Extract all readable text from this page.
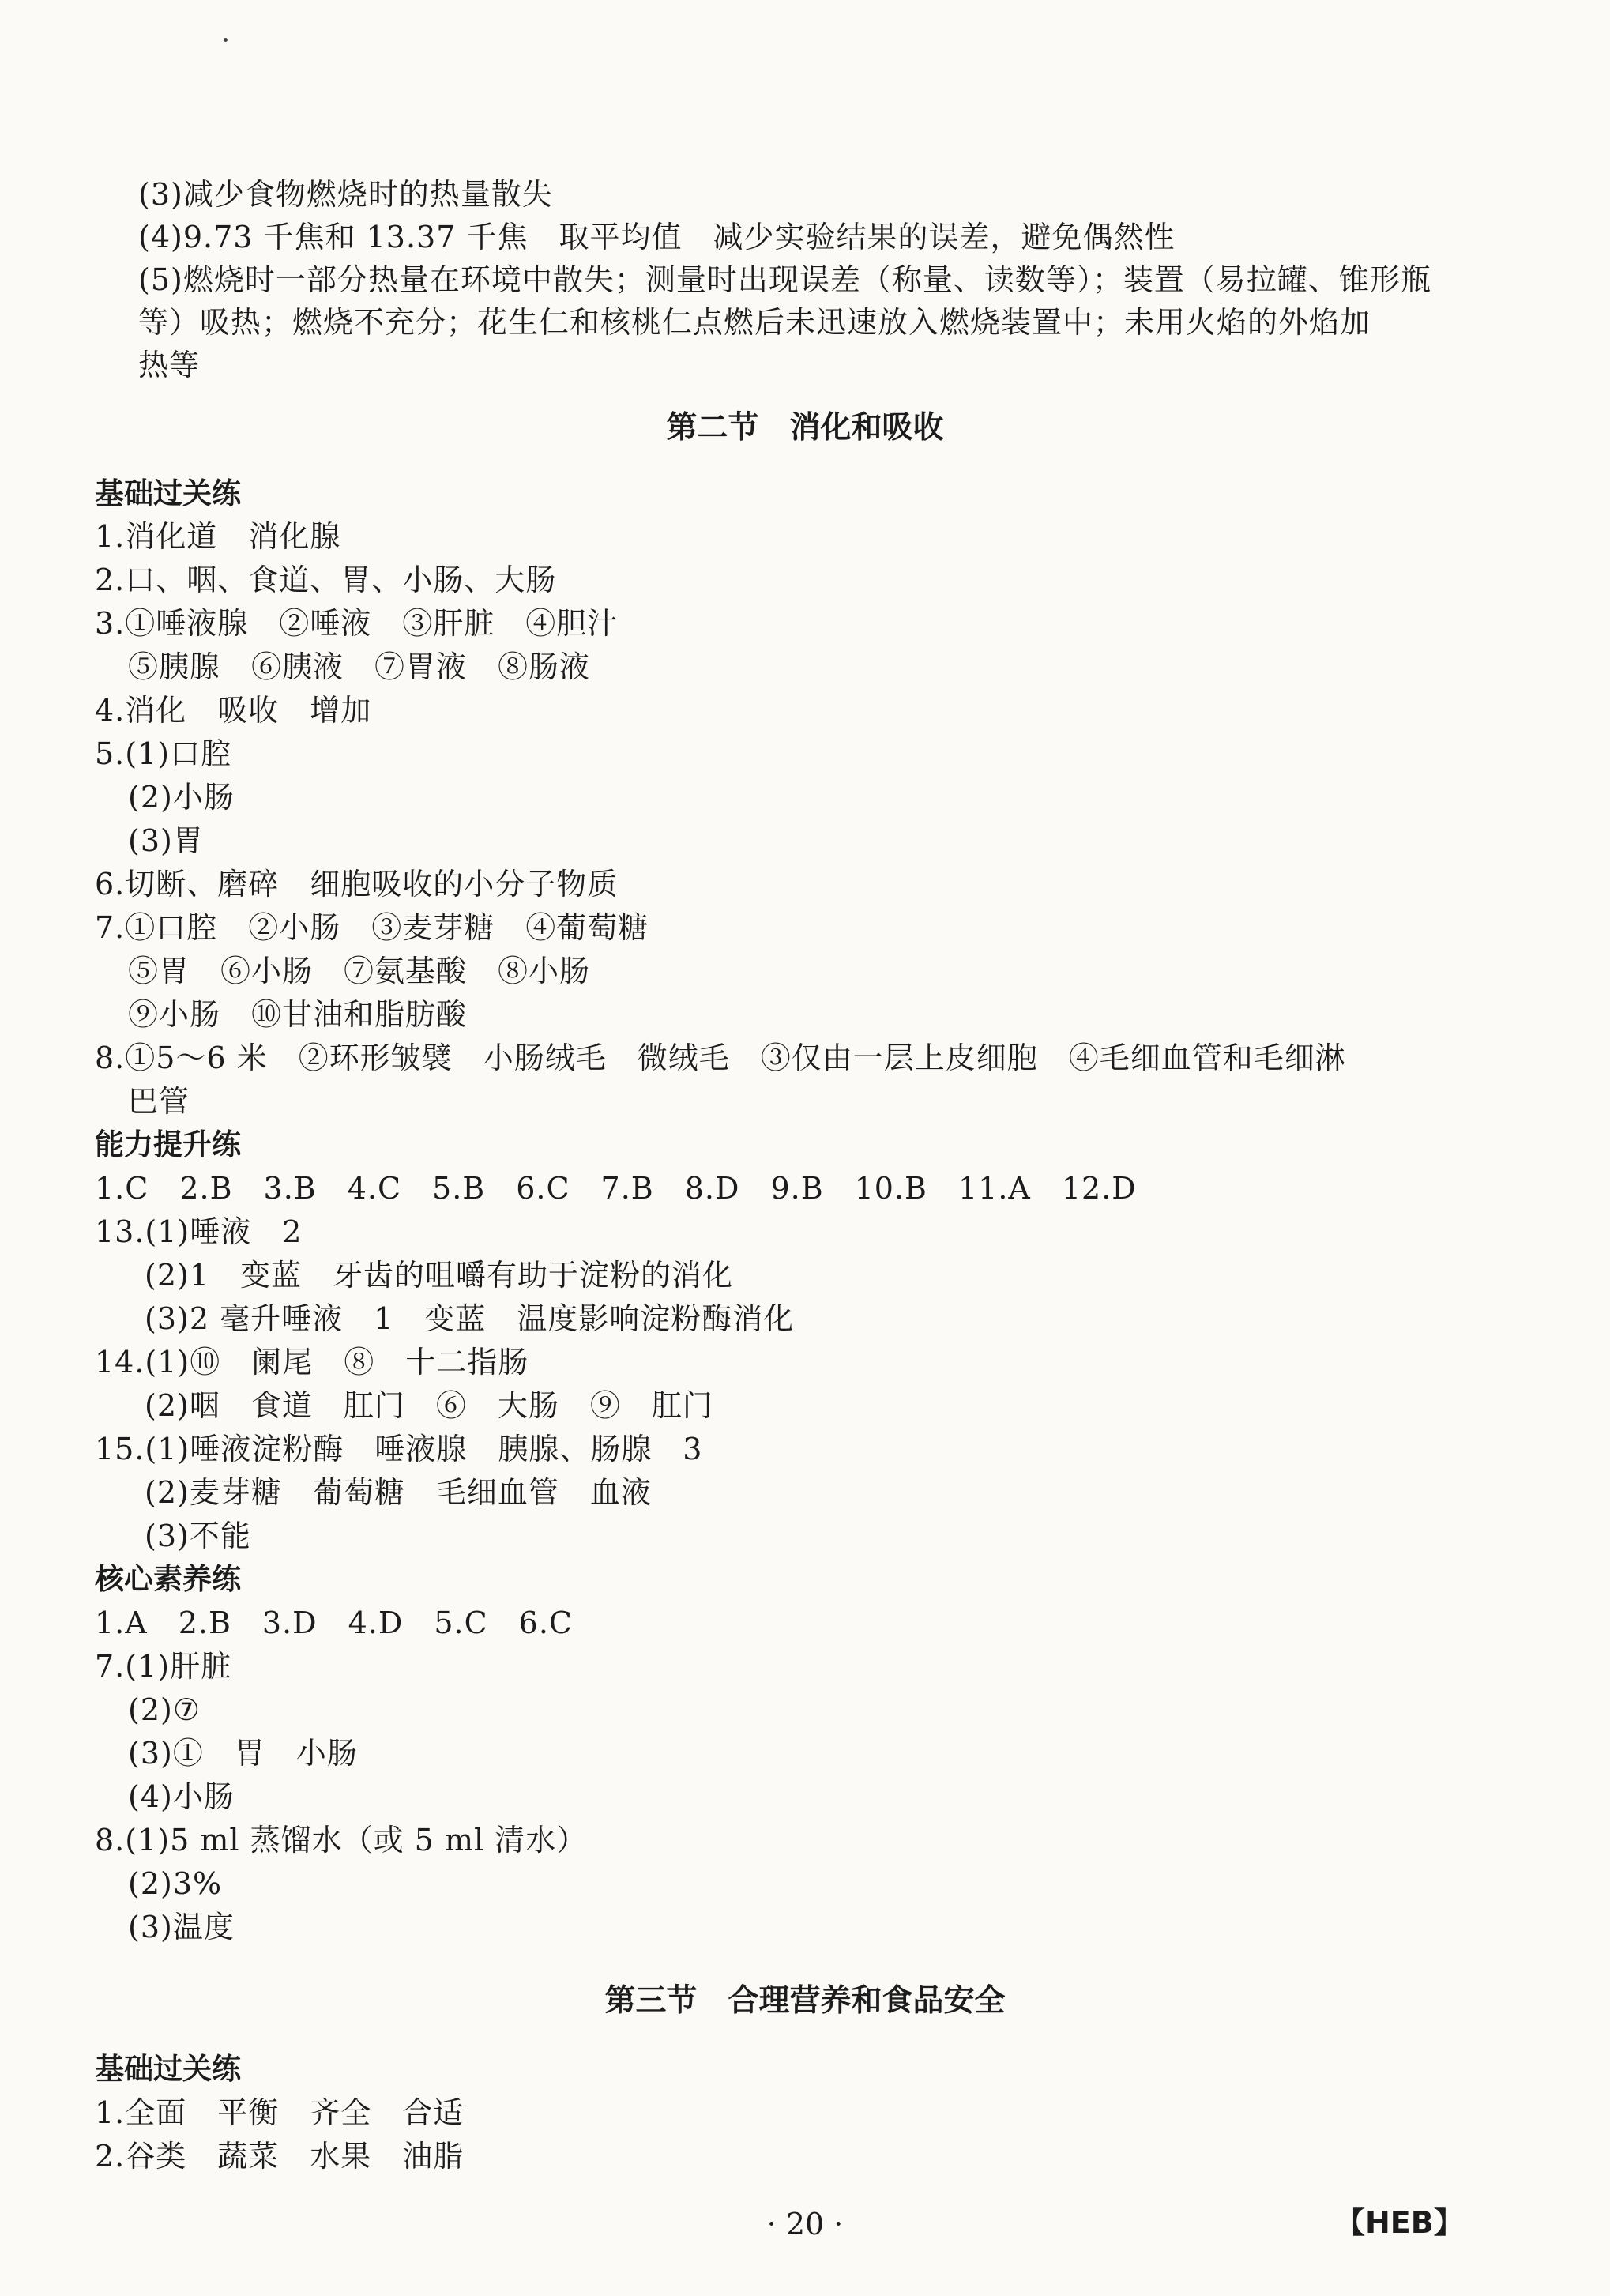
(3)减少食物燃烧时的热量散失
(4)9.73 千焦和 13.37 千焦　取平均值　减少实验结果的误差，避免偶然性
(5)燃烧时一部分热量在环境中散失；测量时出现误差（称量、读数等）；装置（易拉罐、锥形瓶
等）吸热；燃烧不充分；花生仁和核桃仁点燃后未迅速放入燃烧装置中；未用火焰的外焰加
热等
第二节　消化和吸收
基础过关练
1.消化道　消化腺
2.口、咽、食道、胃、小肠、大肠
3.①唾液腺　②唾液　③肝脏　④胆汁
⑤胰腺　⑥胰液　⑦胃液　⑧肠液
4.消化　吸收　增加
5.(1)口腔
(2)小肠
(3)胃
6.切断、磨碎　细胞吸收的小分子物质
7.①口腔　②小肠　③麦芽糖　④葡萄糖
⑤胃　⑥小肠　⑦氨基酸　⑧小肠
⑨小肠　⑩甘油和脂肪酸
8.①5～6 米　②环形皱襞　小肠绒毛　微绒毛　③仅由一层上皮细胞　④毛细血管和毛细淋
巴管
能力提升练
1.C　2.B　3.B　4.C　5.B　6.C　7.B　8.D　9.B　10.B　11.A　12.D
13.(1)唾液　2
(2)1　变蓝　牙齿的咀嚼有助于淀粉的消化
(3)2 毫升唾液　1　变蓝　温度影响淀粉酶消化
14.(1)⑩　阑尾　⑧　十二指肠
(2)咽　食道　肛门　⑥　大肠　⑨　肛门
15.(1)唾液淀粉酶　唾液腺　胰腺、肠腺　3
(2)麦芽糖　葡萄糖　毛细血管　血液
(3)不能
核心素养练
1.A　2.B　3.D　4.D　5.C　6.C
7.(1)肝脏
(2)⑦
(3)①　胃　小肠
(4)小肠
8.(1)5 ml 蒸馏水（或 5 ml 清水）
(2)3%
(3)温度
第三节　合理营养和食品安全
基础过关练
1.全面　平衡　齐全　合适
2.谷类　蔬菜　水果　油脂
· 20 ·	【HEB】
